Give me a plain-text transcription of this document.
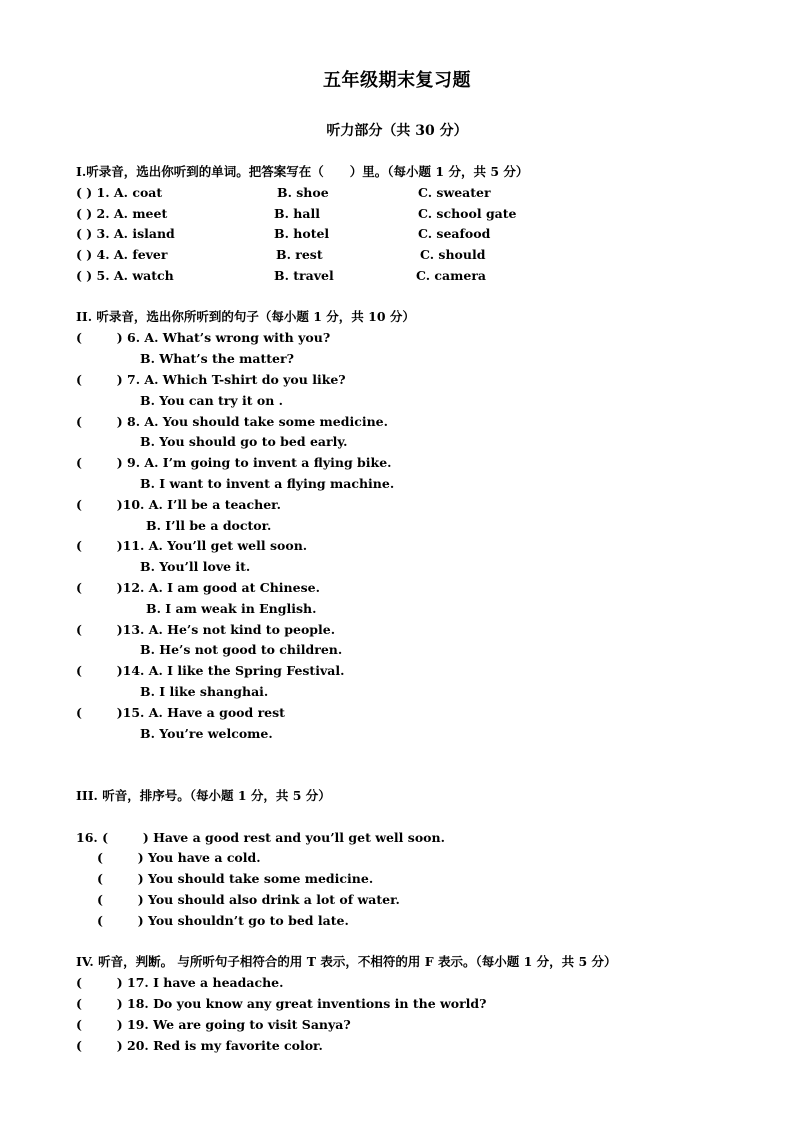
五年级期末复习题
听力部分（共 30 分）
I.听录音，选出你听到的单词。把答案写在（      ）里。（每小题 1 分，共 5 分）
( ) 1. A. coat	B. shoe	C. sweater
( ) 2. A. meet	B. hall	C. school gate
( ) 3. A. island	B. hotel	C. seafood
( ) 4. A. fever	B. rest	C. should
( ) 5. A. watch	B. travel	C. camera
II. 听录音，选出你所听到的句子（每小题 1 分，共 10 分）
(        ) 6. A. What’s wrong with you?
B. What’s the matter?
(        ) 7. A. Which T-shirt do you like?
B. You can try it on .
(        ) 8. A. You should take some medicine.
B. You should go to bed early.
(        ) 9. A. I’m going to invent a flying bike.
B. I want to invent a flying machine.
(        )10. A. I’ll be a teacher.
B. I’ll be a doctor.
(        )11. A. You’ll get well soon.
B. You’ll love it.
(        )12. A. I am good at Chinese.
B. I am weak in English.
(        )13. A. He’s not kind to people.
B. He’s not good to children.
(        )14. A. I like the Spring Festival.
B. I like shanghai.
(        )15. A. Have a good rest
B. You’re welcome.
III. 听音，排序号。（每小题 1 分，共 5 分）
16. (        ) Have a good rest and you’ll get well soon.
(        ) You have a cold.
(        ) You should take some medicine.
(        ) You should also drink a lot of water.
(        ) You shouldn’t go to bed late.
IV. 听音，判断。 与所听句子相符合的用 T 表示，不相符的用 F 表示。（每小题 1 分，共 5 分）
(        ) 17. I have a headache.
(        ) 18. Do you know any great inventions in the world?
(        ) 19. We are going to visit Sanya?
(        ) 20. Red is my favorite color.
